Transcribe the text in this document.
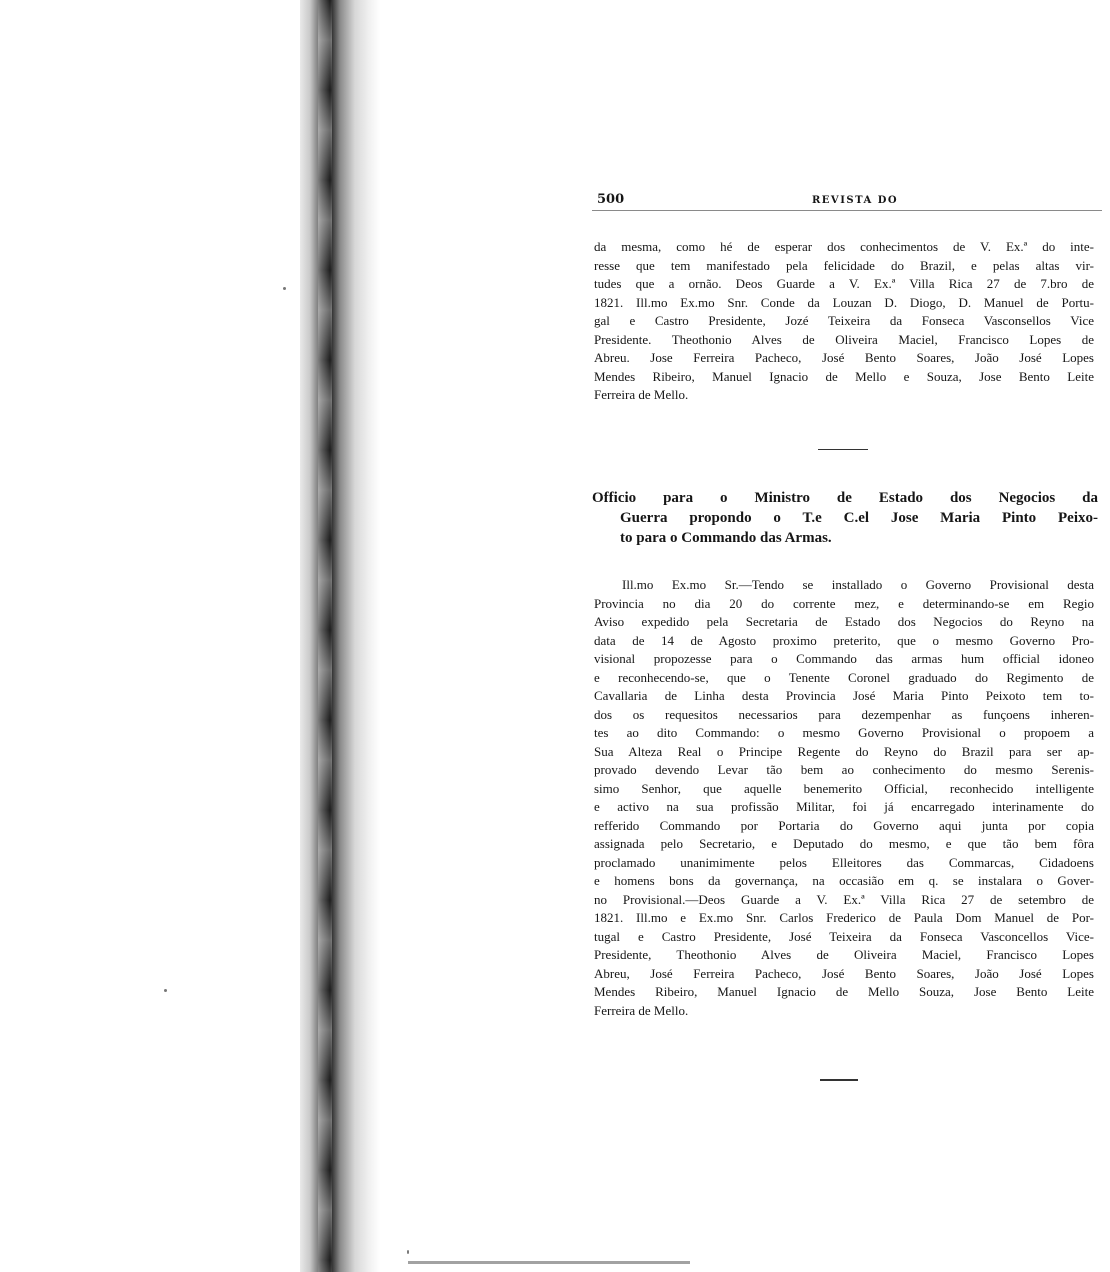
500	REVISTA DO
da mesma, como hé de esperar dos conhecimentos de V. Ex.ª do inte-
resse que tem manifestado pela felicidade do Brazil, e pelas altas vir-
tudes que a ornão. Deos Guarde a V. Ex.ª Villa Rica 27 de 7.bro de
1821. Ill.mo Ex.mo Snr. Conde da Louzan D. Diogo, D. Manuel de Portu-
gal e Castro Presidente, Jozé Teixeira da Fonseca Vasconsellos Vice
Presidente. Theothonio Alves de Oliveira Maciel, Francisco Lopes de
Abreu. Jose Ferreira Pacheco, José Bento Soares, João José Lopes
Mendes Ribeiro, Manuel Ignacio de Mello e Souza, Jose Bento Leite
Ferreira de Mello.
Officio para o Ministro de Estado dos Negocios da
Guerra propondo o T.e C.el Jose Maria Pinto Peixo-
to para o Commando das Armas.
Ill.mo Ex.mo Sr.—Tendo se installado o Governo Provisional desta
Provincia no dia 20 do corrente mez, e determinando-se em Regio
Aviso expedido pela Secretaria de Estado dos Negocios do Reyno na
data de 14 de Agosto proximo preterito, que o mesmo Governo Pro-
visional propozesse para o Commando das armas hum official idoneo
e reconhecendo-se, que o Tenente Coronel graduado do Regimento de
Cavallaria de Linha desta Provincia José Maria Pinto Peixoto tem to-
dos os requesitos necessarios para dezempenhar as funçoens inheren-
tes ao dito Commando: o mesmo Governo Provisional o propoem a
Sua Alteza Real o Principe Regente do Reyno do Brazil para ser ap-
provado devendo Levar tão bem ao conhecimento do mesmo Serenis-
simo Senhor, que aquelle benemerito Official, reconhecido intelligente
e activo na sua profissão Militar, foi já encarregado interinamente do
refferido Commando por Portaria do Governo aqui junta por copia
assignada pelo Secretario, e Deputado do mesmo, e que tão bem fôra
proclamado unanimimente pelos Elleitores das Commarcas, Cidadoens
e homens bons da governança, na occasião em q. se instalara o Gover-
no Provisional.—Deos Guarde a V. Ex.ª Villa Rica 27 de setembro de
1821. Ill.mo e Ex.mo Snr. Carlos Frederico de Paula Dom Manuel de Por-
tugal e Castro Presidente, José Teixeira da Fonseca Vasconcellos Vice-
Presidente, Theothonio Alves de Oliveira Maciel, Francisco Lopes
Abreu, José Ferreira Pacheco, José Bento Soares, João José Lopes
Mendes Ribeiro, Manuel Ignacio de Mello Souza, Jose Bento Leite
Ferreira de Mello.
